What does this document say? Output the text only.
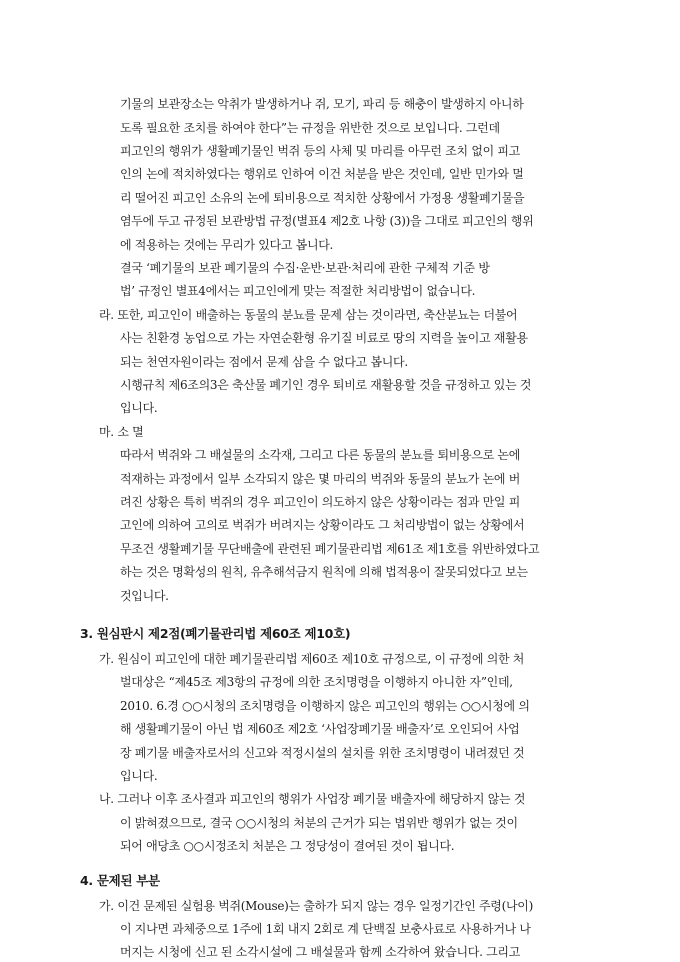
기물의 보관장소는 악취가 발생하거나 쥐, 모기, 파리 등 해충이 발생하지 아니하
도록 필요한 조치를 하여야 한다”는 규정을 위반한 것으로 보입니다. 그런데
피고인의 행위가 생활폐기물인 벅쥐 등의 사체 및 마리를 아무런 조치 없이 피고
인의 논에 적치하였다는 행위로 인하여 이건 처분을 받은 것인데, 일반 민가와 멀
리 떨어진 피고인 소유의 논에 퇴비용으로 적치한 상황에서 가정용 생활폐기물을
염두에 두고 규정된 보관방법 규정(별표4 제2호 나항 (3))을 그대로 피고인의 행위
에 적용하는 것에는 무리가 있다고 봅니다.
결국 ‘폐기물의 보관 폐기물의 수집·운반·보관·처리에 관한 구체적 기준 방
법’ 규정인 별표4에서는 피고인에게 맞는 적절한 처리방법이 없습니다.
라. 또한, 피고인이 배출하는 동물의 분뇨를 문제 삼는 것이라면, 축산분뇨는 더불어
사는 친환경 농업으로 가는 자연순환형 유기질 비료로 땅의 지력을 높이고 재활용
되는 천연자원이라는 점에서 문제 삼을 수 없다고 봅니다.
시행규칙 제6조의3은 축산물 폐기인 경우 퇴비로 재활용할 것을 규정하고 있는 것
입니다.
마. 소 멸
따라서 벅쥐와 그 배설물의 소각재, 그리고 다른 동물의 분뇨를 퇴비용으로 논에
적재하는 과정에서 일부 소각되지 않은 몇 마리의 벅쥐와 동물의 분뇨가 논에 버
려진 상황은 특히 벅쥐의 경우 피고인이 의도하지 않은 상황이라는 점과 만일 피
고인에 의하여 고의로 벅쥐가 버려지는 상황이라도 그 처리방법이 없는 상황에서
무조건 생활폐기물 무단배출에 관련된 폐기물관리법 제61조 제1호를 위반하였다고
하는 것은 명확성의 원칙, 유추해석금지 원칙에 의해 법적용이 잘못되었다고 보는
것입니다.
3. 원심판시 제2점(폐기물관리법 제60조 제10호)
가. 원심이 피고인에 대한 폐기물관리법 제60조 제10호 규정으로, 이 규정에 의한 처
벌대상은 “제45조 제3항의 규정에 의한 조치명령을 이행하지 아니한 자”인데,
2010. 6.경 ○○시청의 조치명령을 이행하지 않은 피고인의 행위는 ○○시청에 의
해 생활폐기물이 아닌 법 제60조 제2호 ‘사업장폐기물 배출자’로 오인되어 사업
장 폐기물 배출자로서의 신고와 적정시설의 설치를 위한 조치명령이 내려졌던 것
입니다.
나. 그러나 이후 조사결과 피고인의 행위가 사업장 폐기물 배출자에 해당하지 않는 것
이 밝혀졌으므로, 결국 ○○시청의 처분의 근거가 되는 법위반 행위가 없는 것이
되어 애당초 ○○시정조치 처분은 그 정당성이 결여된 것이 됩니다.
4. 문제된 부분
가. 이건 문제된 실험용 벅쥐(Mouse)는 출하가 되지 않는 경우 일정기간인 주령(나이)
이 지나면 과체중으로 1주에 1회 내지 2회로 계 단백질 보충사료로 사용하거나 나
머지는 시청에 신고 된 소각시설에 그 배설물과 함께 소각하여 왔습니다. 그리고
